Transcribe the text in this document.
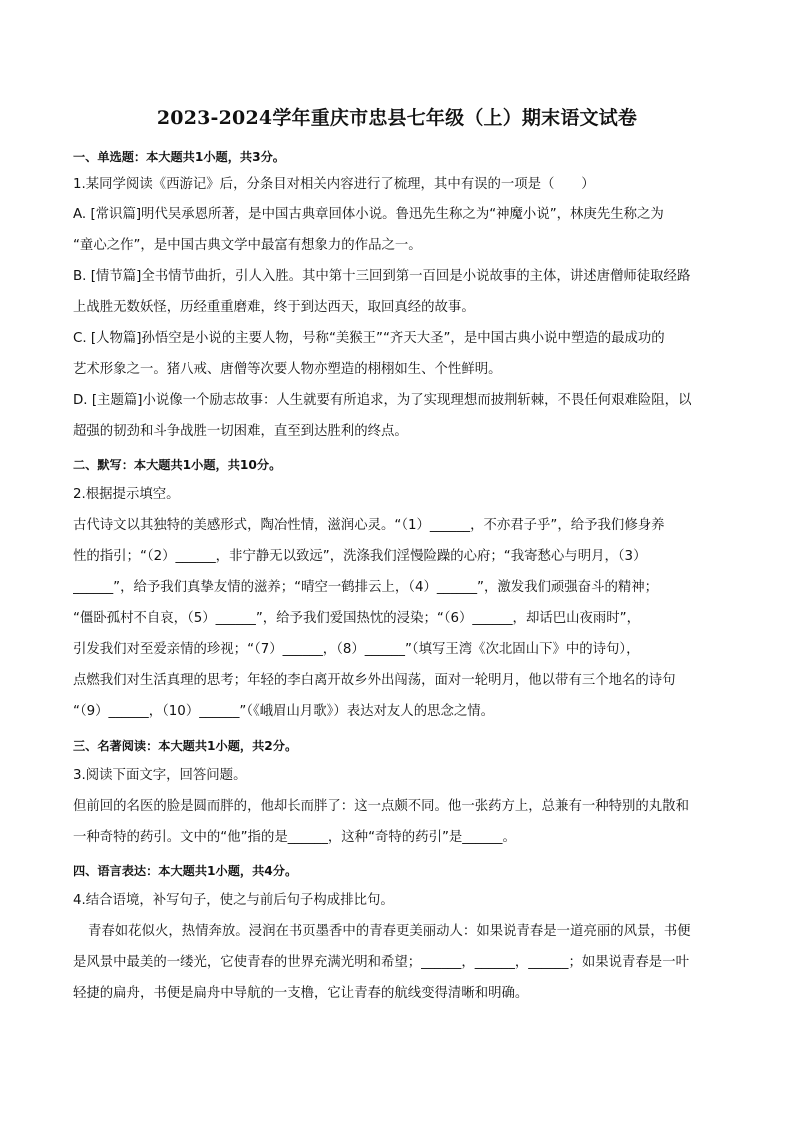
2023-2024学年重庆市忠县七年级（上）期末语文试卷
一、单选题：本大题共1小题，共3分。
1.某同学阅读《西游记》后，分条目对相关内容进行了梳理，其中有误的一项是（　　）
A. [常识篇]明代吴承恩所著，是中国古典章回体小说。鲁迅先生称之为“神魔小说”，林庚先生称之为
“童心之作”，是中国古典文学中最富有想象力的作品之一。
B. [情节篇]全书情节曲折，引人入胜。其中第十三回到第一百回是小说故事的主体，讲述唐僧师徒取经路
上战胜无数妖怪，历经重重磨难，终于到达西天，取回真经的故事。
C. [人物篇]孙悟空是小说的主要人物，号称“美猴王”“齐天大圣”，是中国古典小说中塑造的最成功的
艺术形象之一。猪八戒、唐僧等次要人物亦塑造的栩栩如生、个性鲜明。
D. [主题篇]小说像一个励志故事：人生就要有所追求，为了实现理想而披荆斩棘，不畏任何艰难险阻，以
超强的韧劲和斗争战胜一切困难，直至到达胜利的终点。
二、默写：本大题共1小题，共10分。
2.根据提示填空。
古代诗文以其独特的美感形式，陶冶性情，滋润心灵。“（1）______，不亦君子乎”，给予我们修身养
性的指引；“（2）______，非宁静无以致远”，洗涤我们淫慢险躁的心府；“我寄愁心与明月，（3）
______”，给予我们真挚友情的滋养；“晴空一鹤排云上，（4）______”，激发我们顽强奋斗的精神；
“僵卧孤村不自哀，（5）______”，给予我们爱国热忱的浸染；“（6）______，却话巴山夜雨时”，
引发我们对至爱亲情的珍视；“（7）______，（8）______”（填写王湾《次北固山下》中的诗句），
点燃我们对生活真理的思考；年轻的李白离开故乡外出闯荡，面对一轮明月，他以带有三个地名的诗句
“（9）______，（10）______”（《峨眉山月歌》）表达对友人的思念之情。
三、名著阅读：本大题共1小题，共2分。
3.阅读下面文字，回答问题。
但前回的名医的脸是圆而胖的，他却长而胖了：这一点颇不同。他一张药方上，总兼有一种特别的丸散和
一种奇特的药引。文中的“他”指的是______，这种“奇特的药引”是______。
四、语言表达：本大题共1小题，共4分。
4.结合语境，补写句子，使之与前后句子构成排比句。
青春如花似火，热情奔放。浸润在书页墨香中的青春更美丽动人：如果说青春是一道亮丽的风景，书便
是风景中最美的一缕光，它使青春的世界充满光明和希望；______，______，______；如果说青春是一叶
轻捷的扁舟，书便是扁舟中导航的一支橹，它让青春的航线变得清晰和明确。
